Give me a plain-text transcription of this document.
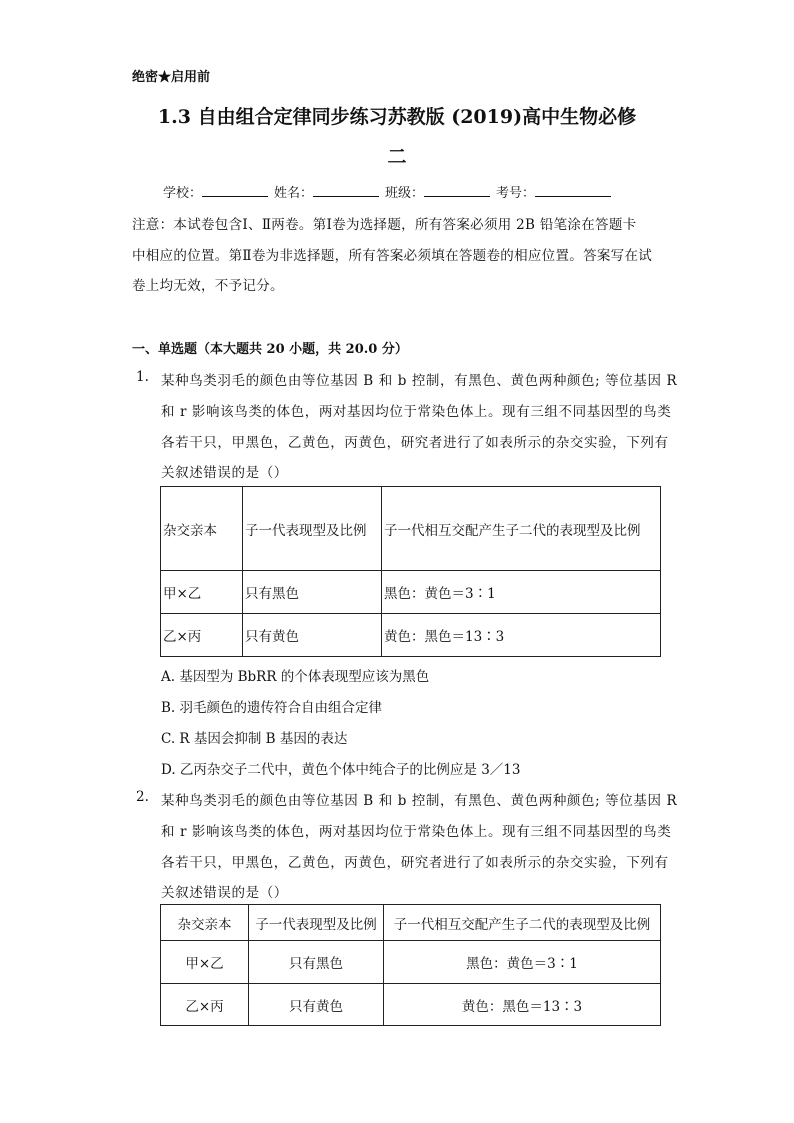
绝密★启用前
1.3 自由组合定律同步练习苏教版 (2019)高中生物必修
二
学校：	姓名：	班级：	考号：
注意：本试卷包含Ⅰ、Ⅱ两卷。第Ⅰ卷为选择题，所有答案必须用 2B 铅笔涂在答题卡
中相应的位置。第Ⅱ卷为非选择题，所有答案必须填在答题卷的相应位置。答案写在试
卷上均无效，不予记分。
一、单选题（本大题共 20 小题，共 20.0 分）
1. 某种鸟类羽毛的颜色由等位基因 B 和 b 控制，有黑色、黄色两种颜色; 等位基因 R
和 r 影响该鸟类的体色，两对基因均位于常染色体上。现有三组不同基因型的鸟类
各若干只，甲黑色，乙黄色，丙黄色，研究者进行了如表所示的杂交实验，下列有
关叙述错误的是（）
杂交亲本	子一代表现型及比例	子一代相互交配产生子二代的表现型及比例
甲×乙	只有黑色	黑色：黄色＝3∶1
乙×丙	只有黄色	黄色：黑色＝13∶3
A. 基因型为 BbRR 的个体表现型应该为黑色
B. 羽毛颜色的遗传符合自由组合定律
C. R 基因会抑制 B 基因的表达
D. 乙丙杂交子二代中，黄色个体中纯合子的比例应是 3／13
2. 某种鸟类羽毛的颜色由等位基因 B 和 b 控制，有黑色、黄色两种颜色; 等位基因 R
和 r 影响该鸟类的体色，两对基因均位于常染色体上。现有三组不同基因型的鸟类
各若干只，甲黑色，乙黄色，丙黄色，研究者进行了如表所示的杂交实验，下列有
关叙述错误的是（）
杂交亲本	子一代表现型及比例	子一代相互交配产生子二代的表现型及比例
甲×乙	只有黑色	黑色：黄色＝3∶1
乙×丙	只有黄色	黄色：黑色＝13∶3
